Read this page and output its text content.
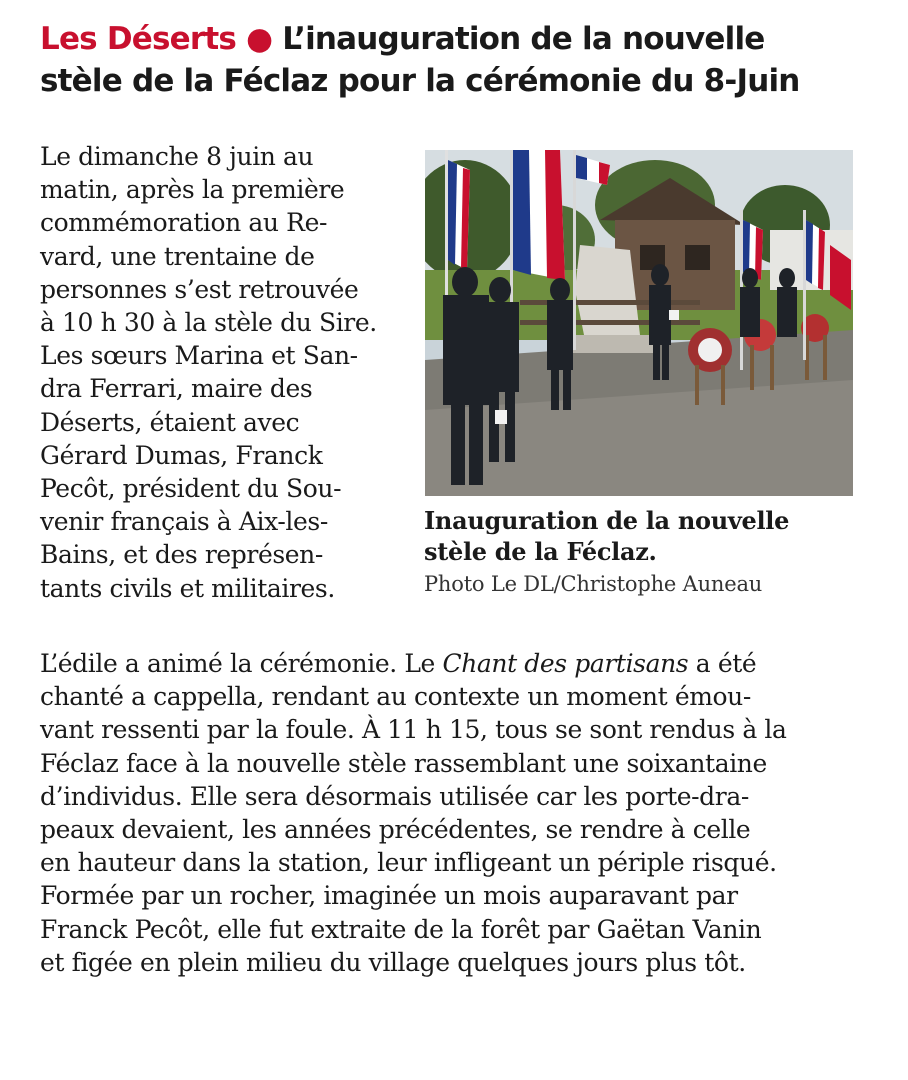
Les Déserts ● L’inauguration de la nouvelle
stèle de la Féclaz pour la cérémonie du 8-Juin

Le dimanche 8 juin au
matin, après la première
commémoration au Re-
vard, une trentaine de
personnes s’est retrouvée
à 10 h 30 à la stèle du Sire.
Les sœurs Marina et San-
dra Ferrari, maire des
Déserts, étaient avec
Gérard Dumas, Franck
Pecôt, président du Sou-
venir français à Aix-les-
Bains, et des représen-
tants civils et militaires.

Inauguration de la nouvelle
stèle de la Féclaz.
Photo Le DL/Christophe Auneau

L’édile a animé la cérémonie. Le Chant des partisans a été
chanté a cappella, rendant au contexte un moment émou-
vant ressenti par la foule. À 11 h 15, tous se sont rendus à la
Féclaz face à la nouvelle stèle rassemblant une soixantaine
d’individus. Elle sera désormais utilisée car les porte-dra-
peaux devaient, les années précédentes, se rendre à celle
en hauteur dans la station, leur infligeant un périple risqué.
Formée par un rocher, imaginée un mois auparavant par
Franck Pecôt, elle fut extraite de la forêt par Gaëtan Vanin
et figée en plein milieu du village quelques jours plus tôt.
